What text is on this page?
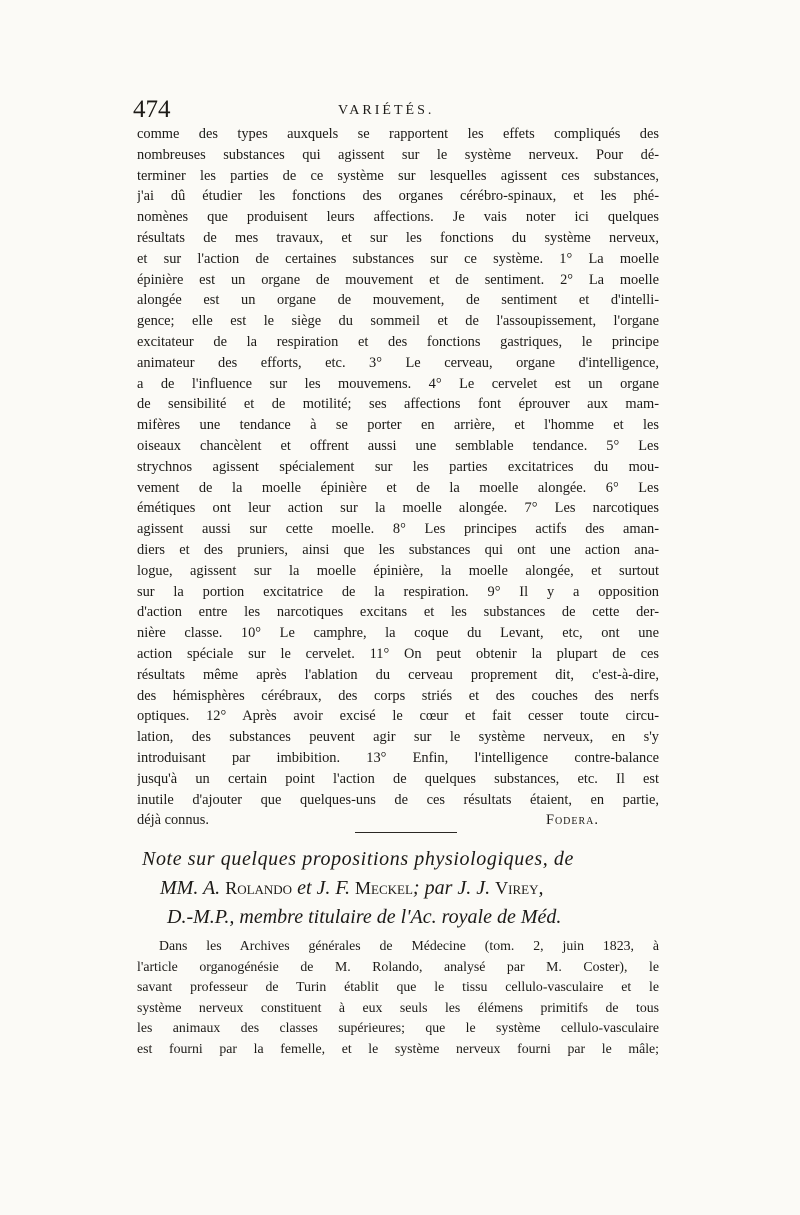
474	VARIÉTÉS.
comme des types auxquels se rapportent les effets compliqués des
nombreuses substances qui agissent sur le système nerveux. Pour dé-
terminer les parties de ce système sur lesquelles agissent ces substances,
j'ai dû étudier les fonctions des organes cérébro-spinaux, et les phé-
nomènes que produisent leurs affections. Je vais noter ici quelques
résultats de mes travaux, et sur les fonctions du système nerveux,
et sur l'action de certaines substances sur ce système. 1° La moelle
épinière est un organe de mouvement et de sentiment. 2° La moelle
alongée est un organe de mouvement, de sentiment et d'intelli-
gence; elle est le siège du sommeil et de l'assoupissement, l'organe
excitateur de la respiration et des fonctions gastriques, le principe
animateur des efforts, etc. 3° Le cerveau, organe d'intelligence,
a de l'influence sur les mouvemens. 4° Le cervelet est un organe
de sensibilité et de motilité; ses affections font éprouver aux mam-
mifères une tendance à se porter en arrière, et l'homme et les
oiseaux chancèlent et offrent aussi une semblable tendance. 5° Les
strychnos agissent spécialement sur les parties excitatrices du mou-
vement de la moelle épinière et de la moelle alongée. 6° Les
émétiques ont leur action sur la moelle alongée. 7° Les narcotiques
agissent aussi sur cette moelle. 8° Les principes actifs des aman-
diers et des pruniers, ainsi que les substances qui ont une action ana-
logue, agissent sur la moelle épinière, la moelle alongée, et surtout
sur la portion excitatrice de la respiration. 9° Il y a opposition
d'action entre les narcotiques excitans et les substances de cette der-
nière classe. 10° Le camphre, la coque du Levant, etc, ont une
action spéciale sur le cervelet. 11° On peut obtenir la plupart de ces
résultats même après l'ablation du cerveau proprement dit, c'est-à-dire,
des hémisphères cérébraux, des corps striés et des couches des nerfs
optiques. 12° Après avoir excisé le cœur et fait cesser toute circu-
lation, des substances peuvent agir sur le système nerveux, en s'y
introduisant par imbibition. 13° Enfin, l'intelligence contre-balance
jusqu'à un certain point l'action de quelques substances, etc. Il est
inutile d'ajouter que quelques-uns de ces résultats étaient, en partie,
déjà connus.	Fodera.
Note sur quelques propositions physiologiques, de
MM. A. Rolando et J. F. Meckel; par J. J. Virey,
D.-M.P., membre titulaire de l'Ac. royale de Méd.
Dans les Archives générales de Médecine (tom. 2, juin 1823, à
l'article organogénésie de M. Rolando, analysé par M. Coster), le
savant professeur de Turin établit que le tissu cellulo-vasculaire et le
système nerveux constituent à eux seuls les élémens primitifs de tous
les animaux des classes supérieures; que le système cellulo-vasculaire
est fourni par la femelle, et le système nerveux fourni par le mâle;
